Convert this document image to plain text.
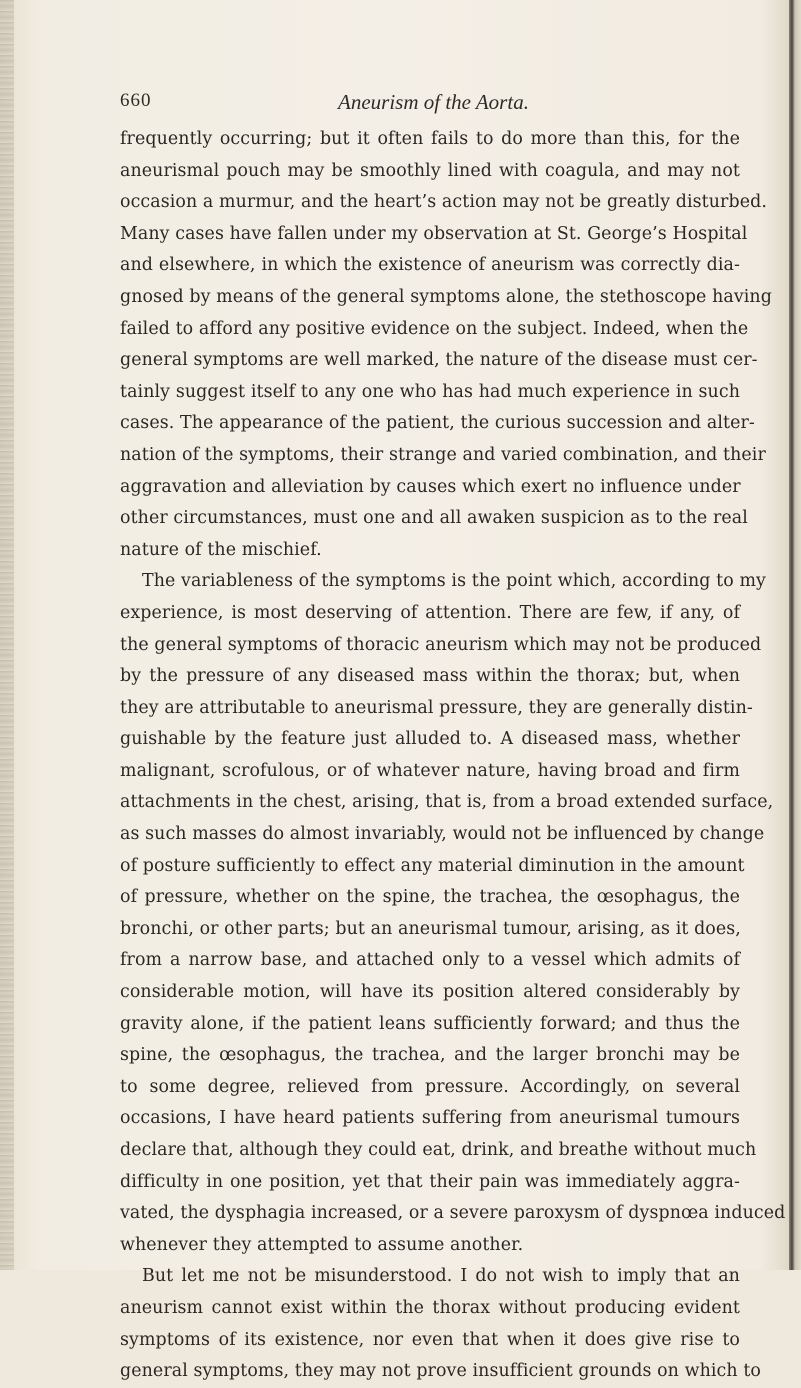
660	Aneurism of the Aorta.
frequently occurring; but it often fails to do more than this, for the
aneurismal pouch may be smoothly lined with coagula, and may not
occasion a murmur, and the heart’s action may not be greatly disturbed.
Many cases have fallen under my observation at St. George’s Hospital
and elsewhere, in which the existence of aneurism was correctly dia-
gnosed by means of the general symptoms alone, the stethoscope having
failed to afford any positive evidence on the subject. Indeed, when the
general symptoms are well marked, the nature of the disease must cer-
tainly suggest itself to any one who has had much experience in such
cases. The appearance of the patient, the curious succession and alter-
nation of the symptoms, their strange and varied combination, and their
aggravation and alleviation by causes which exert no influence under
other circumstances, must one and all awaken suspicion as to the real
nature of the mischief.
The variableness of the symptoms is the point which, according to my
experience, is most deserving of attention. There are few, if any, of
the general symptoms of thoracic aneurism which may not be produced
by the pressure of any diseased mass within the thorax; but, when
they are attributable to aneurismal pressure, they are generally distin-
guishable by the feature just alluded to. A diseased mass, whether
malignant, scrofulous, or of whatever nature, having broad and firm
attachments in the chest, arising, that is, from a broad extended surface,
as such masses do almost invariably, would not be influenced by change
of posture sufficiently to effect any material diminution in the amount
of pressure, whether on the spine, the trachea, the œsophagus, the
bronchi, or other parts; but an aneurismal tumour, arising, as it does,
from a narrow base, and attached only to a vessel which admits of
considerable motion, will have its position altered considerably by
gravity alone, if the patient leans sufficiently forward; and thus the
spine, the œsophagus, the trachea, and the larger bronchi may be
to some degree, relieved from pressure. Accordingly, on several
occasions, I have heard patients suffering from aneurismal tumours
declare that, although they could eat, drink, and breathe without much
difficulty in one position, yet that their pain was immediately aggra-
vated, the dysphagia increased, or a severe paroxysm of dyspnœa induced
whenever they attempted to assume another.
But let me not be misunderstood. I do not wish to imply that an
aneurism cannot exist within the thorax without producing evident
symptoms of its existence, nor even that when it does give rise to
general symptoms, they may not prove insufficient grounds on which to
